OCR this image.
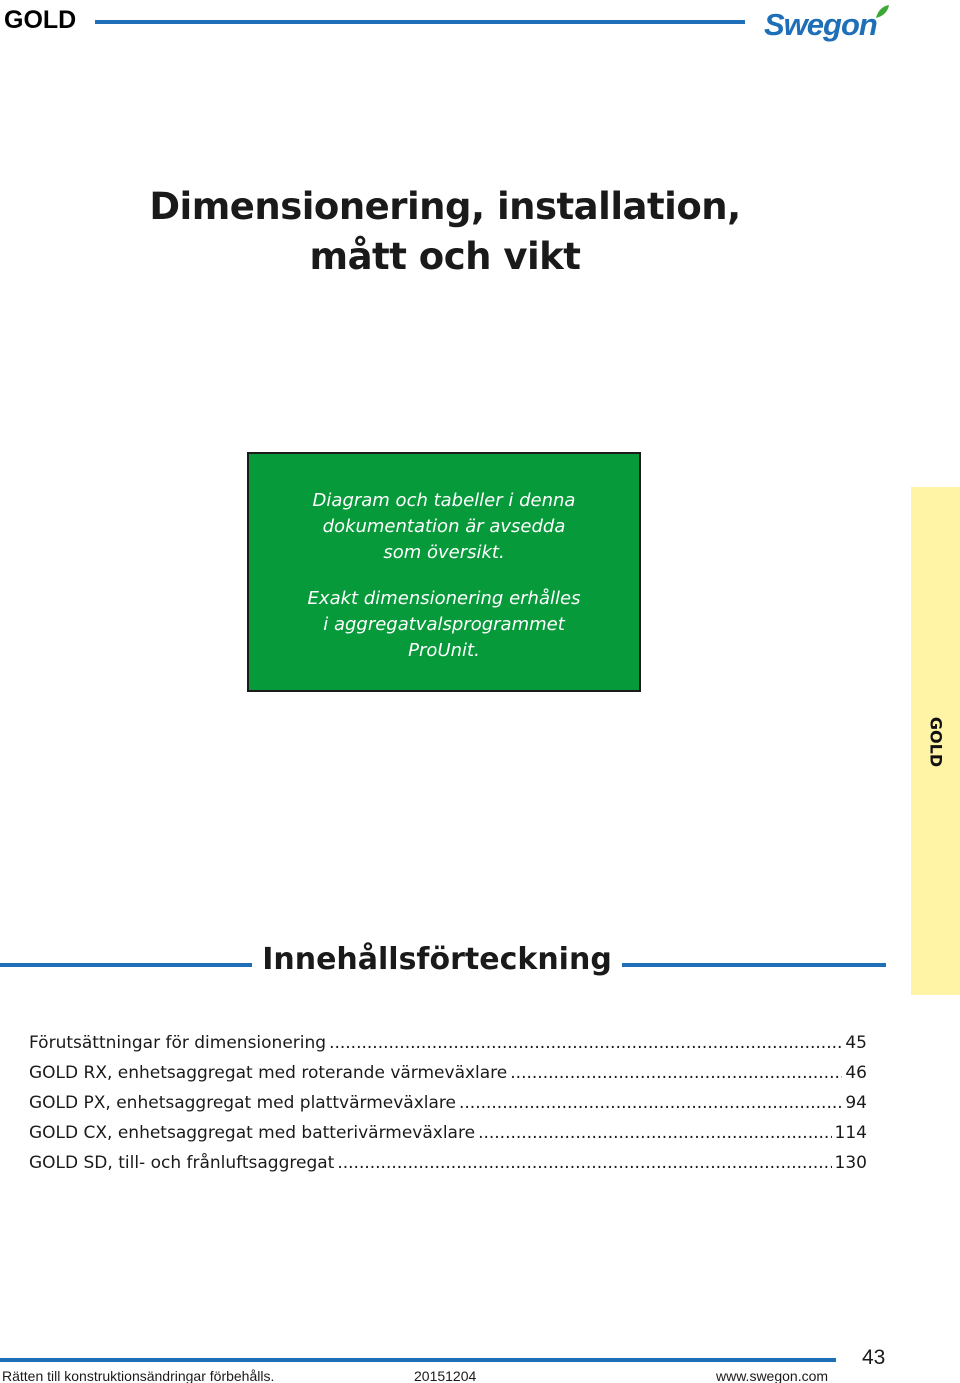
GOLD	Swegon
Dimensionering, installation,
mått och vikt

Diagram och tabeller i denna

dokumentation är avsedda

som översikt.

Exakt dimensionering erhålles

i aggregatvalsprogrammet

ProUnit.

GOLD
Innehållsförteckning
Förutsättningar för dimensionering .....	45
GOLD RX, enhetsaggregat med roterande värmeväxlare .....	46
GOLD PX, enhetsaggregat med plattvärmeväxlare .....	94
GOLD CX, enhetsaggregat med batterivärmeväxlare .....	114
GOLD SD, till- och frånluftsaggregat .....	130
Rätten till konstruktionsändringar förbehålls.	20151204	www.swegon.com
43
